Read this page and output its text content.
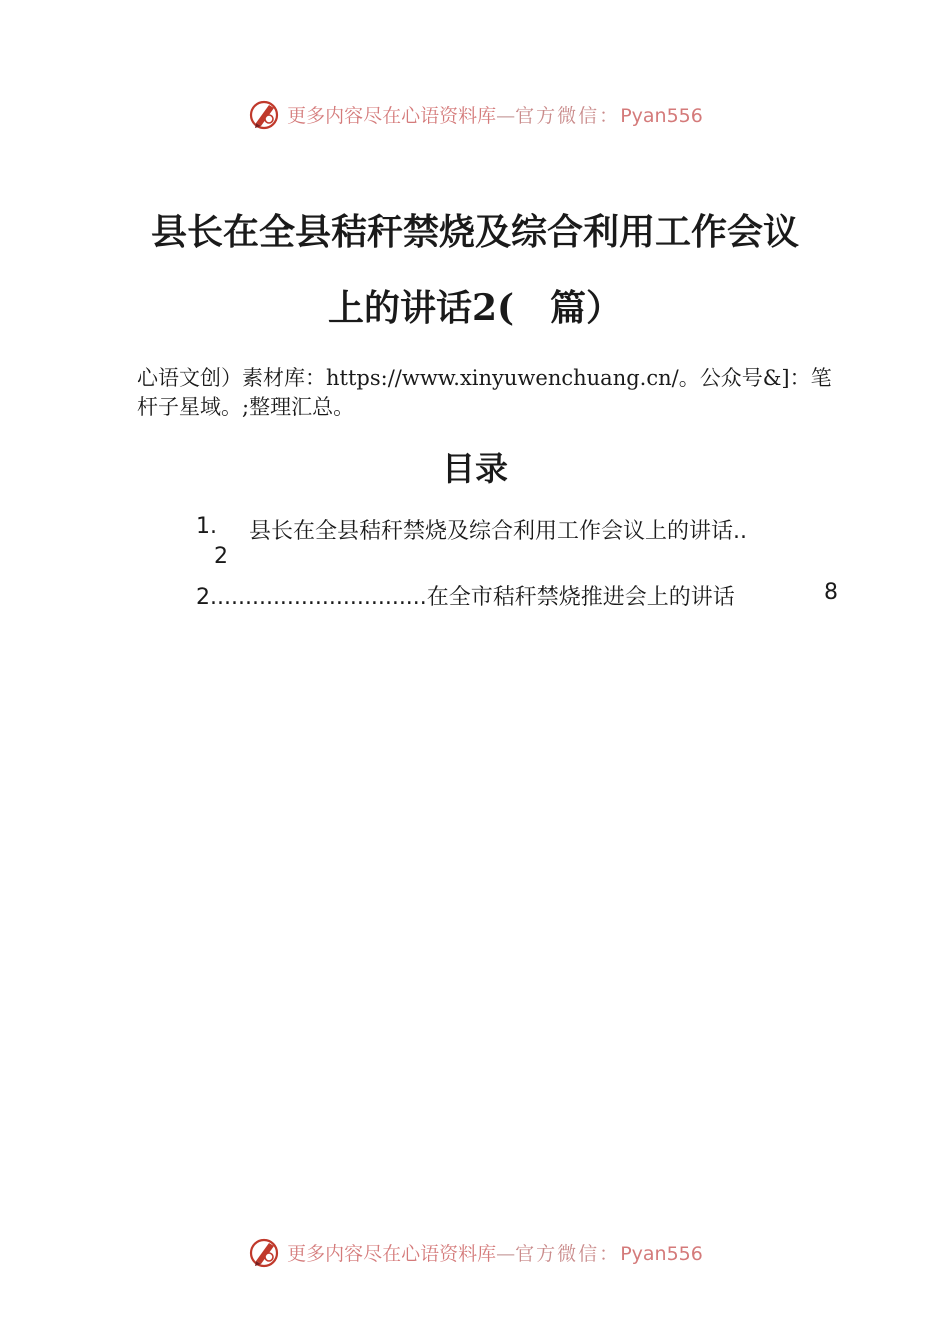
更多内容尽在心语资料库—官方微信：Pyan556
县长在全县秸秆禁烧及综合利用工作会议
上的讲话2(　篇）
心语文创）素材库：https://www.xinyuwenchuang.cn/。公众号&]：笔杆子星域。;整理汇总。
目录
1. 县长在全县秸秆禁烧及综合利用工作会议上的讲话..
2
2...............................在全市秸秆禁烧推进会上的讲话	8
更多内容尽在心语资料库—官方微信：Pyan556
